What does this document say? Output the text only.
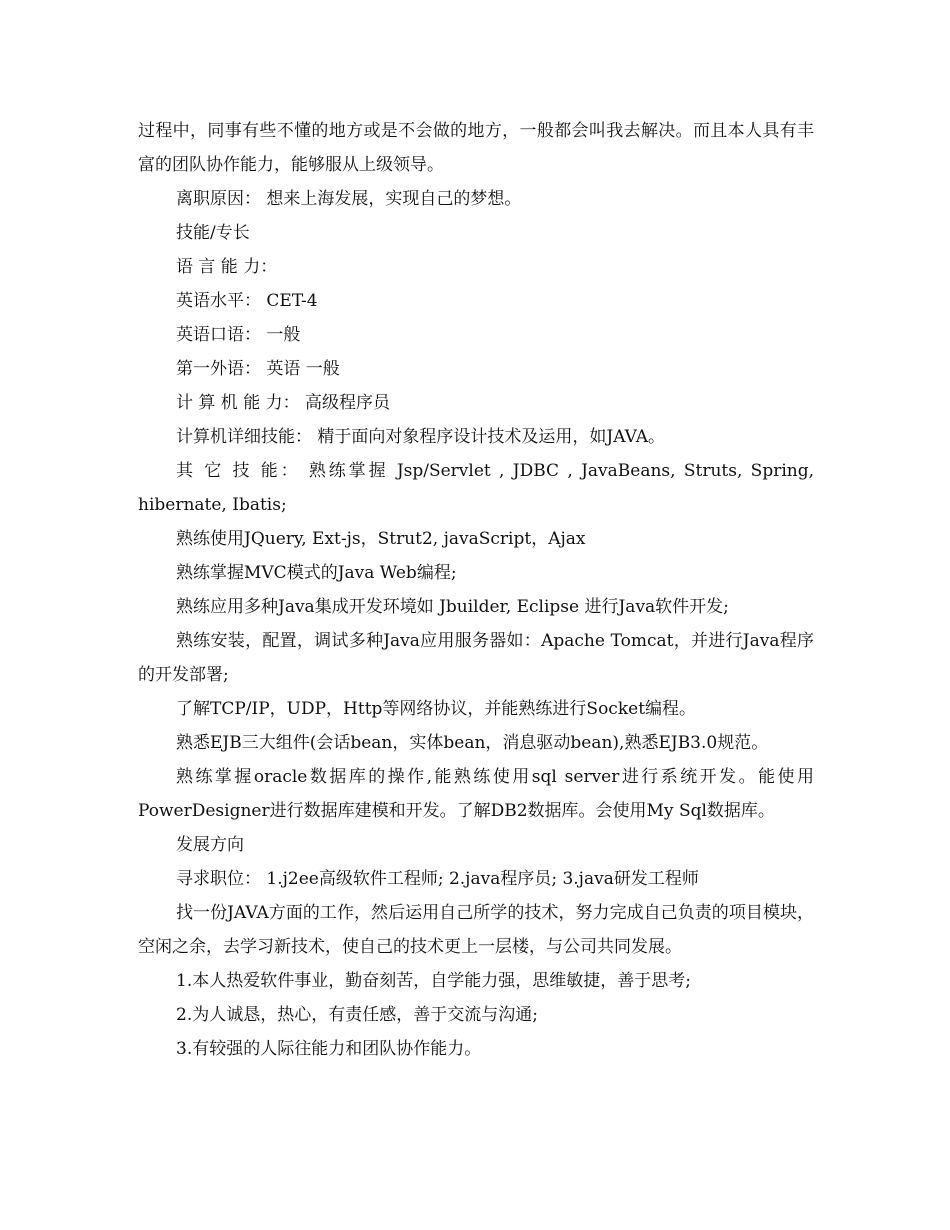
过程中，同事有些不懂的地方或是不会做的地方，一般都会叫我去解决。而且本人具有丰富的团队协作能力，能够服从上级领导。

离职原因： 想来上海发展，实现自己的梦想。

技能/专长

语 言 能 力：

英语水平： CET-4

英语口语： 一般

第一外语： 英语 一般

计 算 机 能 力： 高级程序员

计算机详细技能： 精于面向对象程序设计技术及运用，如JAVA。

其 它 技 能： 熟练掌握 Jsp/Servlet , JDBC , JavaBeans, Struts, Spring, hibernate, Ibatis;

熟练使用JQuery, Ext-js，Strut2, javaScript，Ajax

熟练掌握MVC模式的Java Web编程;

熟练应用多种Java集成开发环境如 Jbuilder, Eclipse 进行Java软件开发;

熟练安装，配置，调试多种Java应用服务器如：Apache Tomcat，并进行Java程序的开发部署;

了解TCP/IP，UDP，Http等网络协议，并能熟练进行Socket编程。

熟悉EJB三大组件(会话bean，实体bean，消息驱动bean),熟悉EJB3.0规范。

熟练掌握oracle数据库的操作,能熟练使用sql server进行系统开发。能使用PowerDesigner进行数据库建模和开发。了解DB2数据库。会使用My Sql数据库。

发展方向

寻求职位： 1.j2ee高级软件工程师; 2.java程序员; 3.java研发工程师

找一份JAVA方面的工作，然后运用自己所学的技术，努力完成自己负责的项目模块，空闲之余，去学习新技术，使自己的技术更上一层楼，与公司共同发展。

1.本人热爱软件事业，勤奋刻苦，自学能力强，思维敏捷，善于思考;

2.为人诚恳，热心，有责任感，善于交流与沟通;

3.有较强的人际往能力和团队协作能力。
